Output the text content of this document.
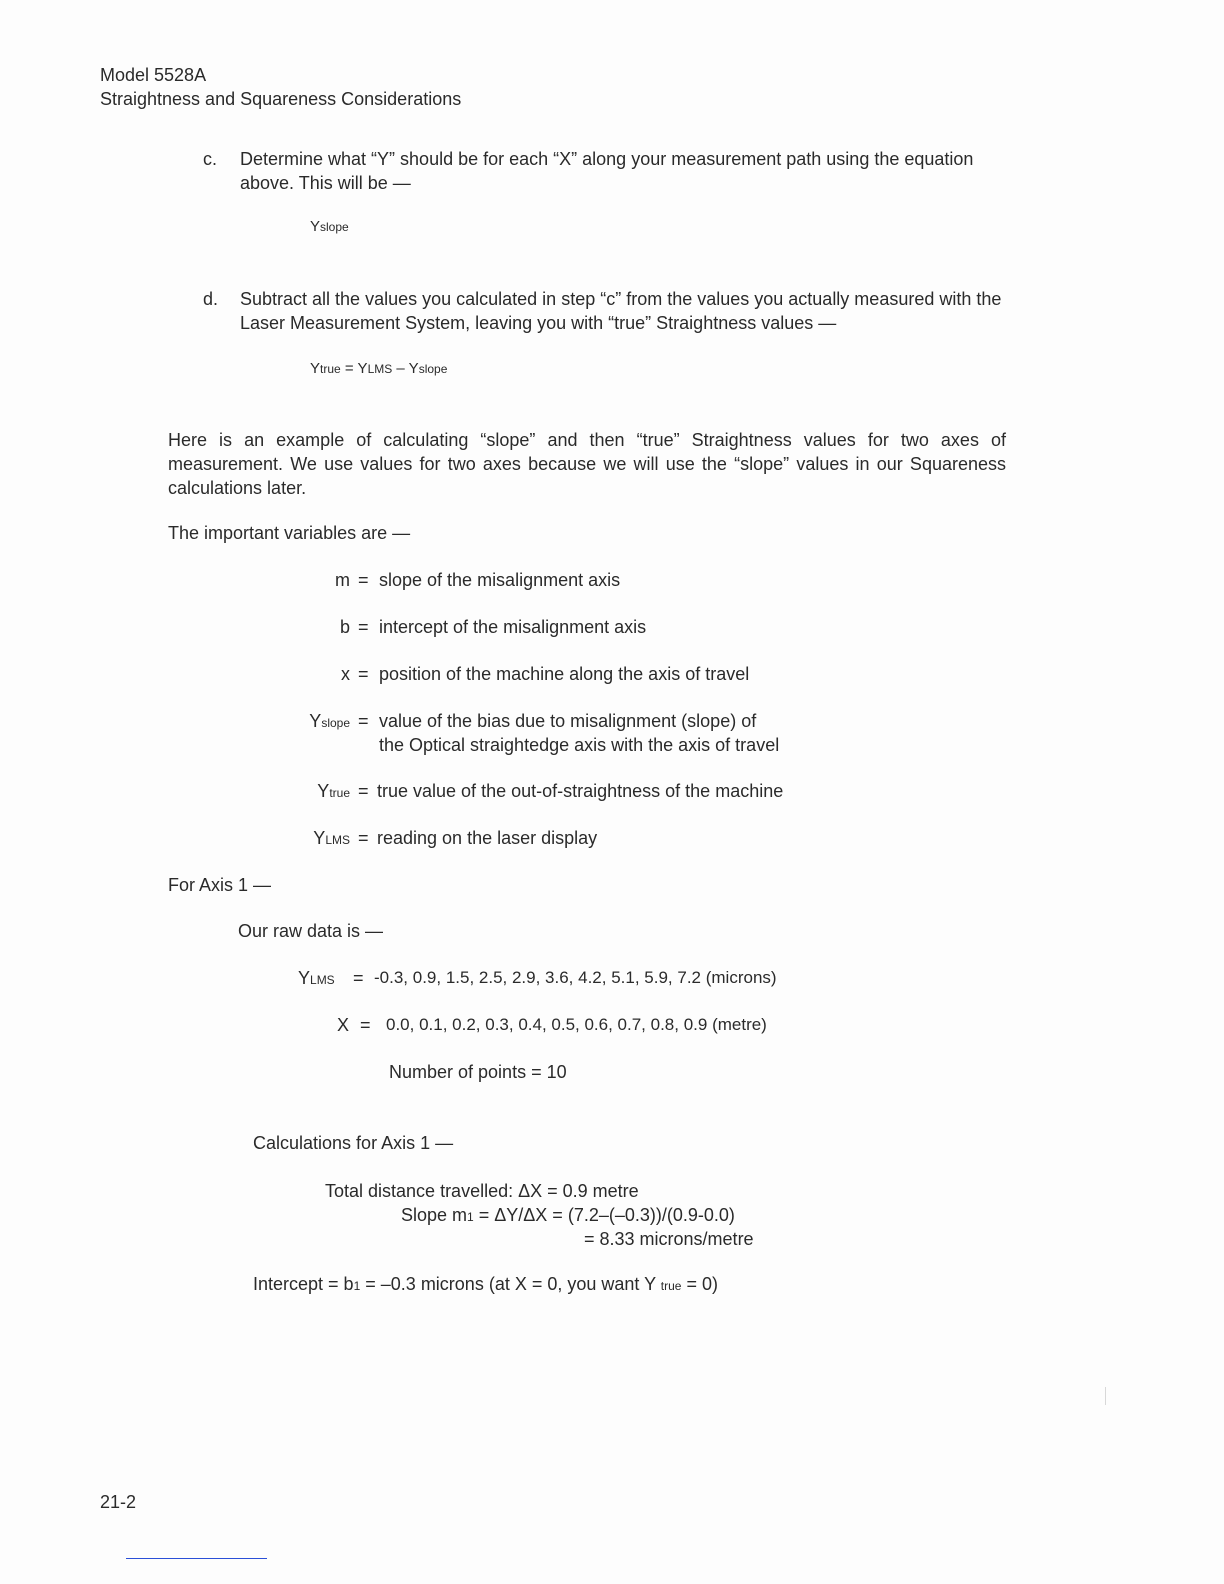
Model 5528A
Straightness and Squareness Considerations
c. Determine what “Y” should be for each “X” along your measurement path using the equation above. This will be —
Yslope
d. Subtract all the values you calculated in step “c” from the values you actually measured with the Laser Measurement System, leaving you with “true” Straightness values —
Ytrue = YLMS – Yslope
Here is an example of calculating “slope” and then “true” Straightness values for two axes of measurement. We use values for two axes because we will use the “slope” values in our Squareness calculations later.
The important variables are —
m = slope of the misalignment axis
b = intercept of the misalignment axis
x = position of the machine along the axis of travel
Yslope = value of the bias due to misalignment (slope) of
the Optical straightedge axis with the axis of travel
Ytrue = true value of the out-of-straightness of the machine
YLMS = reading on the laser display
For Axis 1 —
Our raw data is —
YLMS = -0.3, 0.9, 1.5, 2.5, 2.9, 3.6, 4.2, 5.1, 5.9, 7.2 (microns)
X = 0.0, 0.1, 0.2, 0.3, 0.4, 0.5, 0.6, 0.7, 0.8, 0.9 (metre)
Number of points = 10
Calculations for Axis 1 —
Total distance travelled: ΔX = 0.9 metre
Slope m1 = ΔY/ΔX = (7.2–(–0.3))/(0.9-0.0)
= 8.33 microns/metre
Intercept = b1 = –0.3 microns (at X = 0, you want Y true = 0)
21-2
